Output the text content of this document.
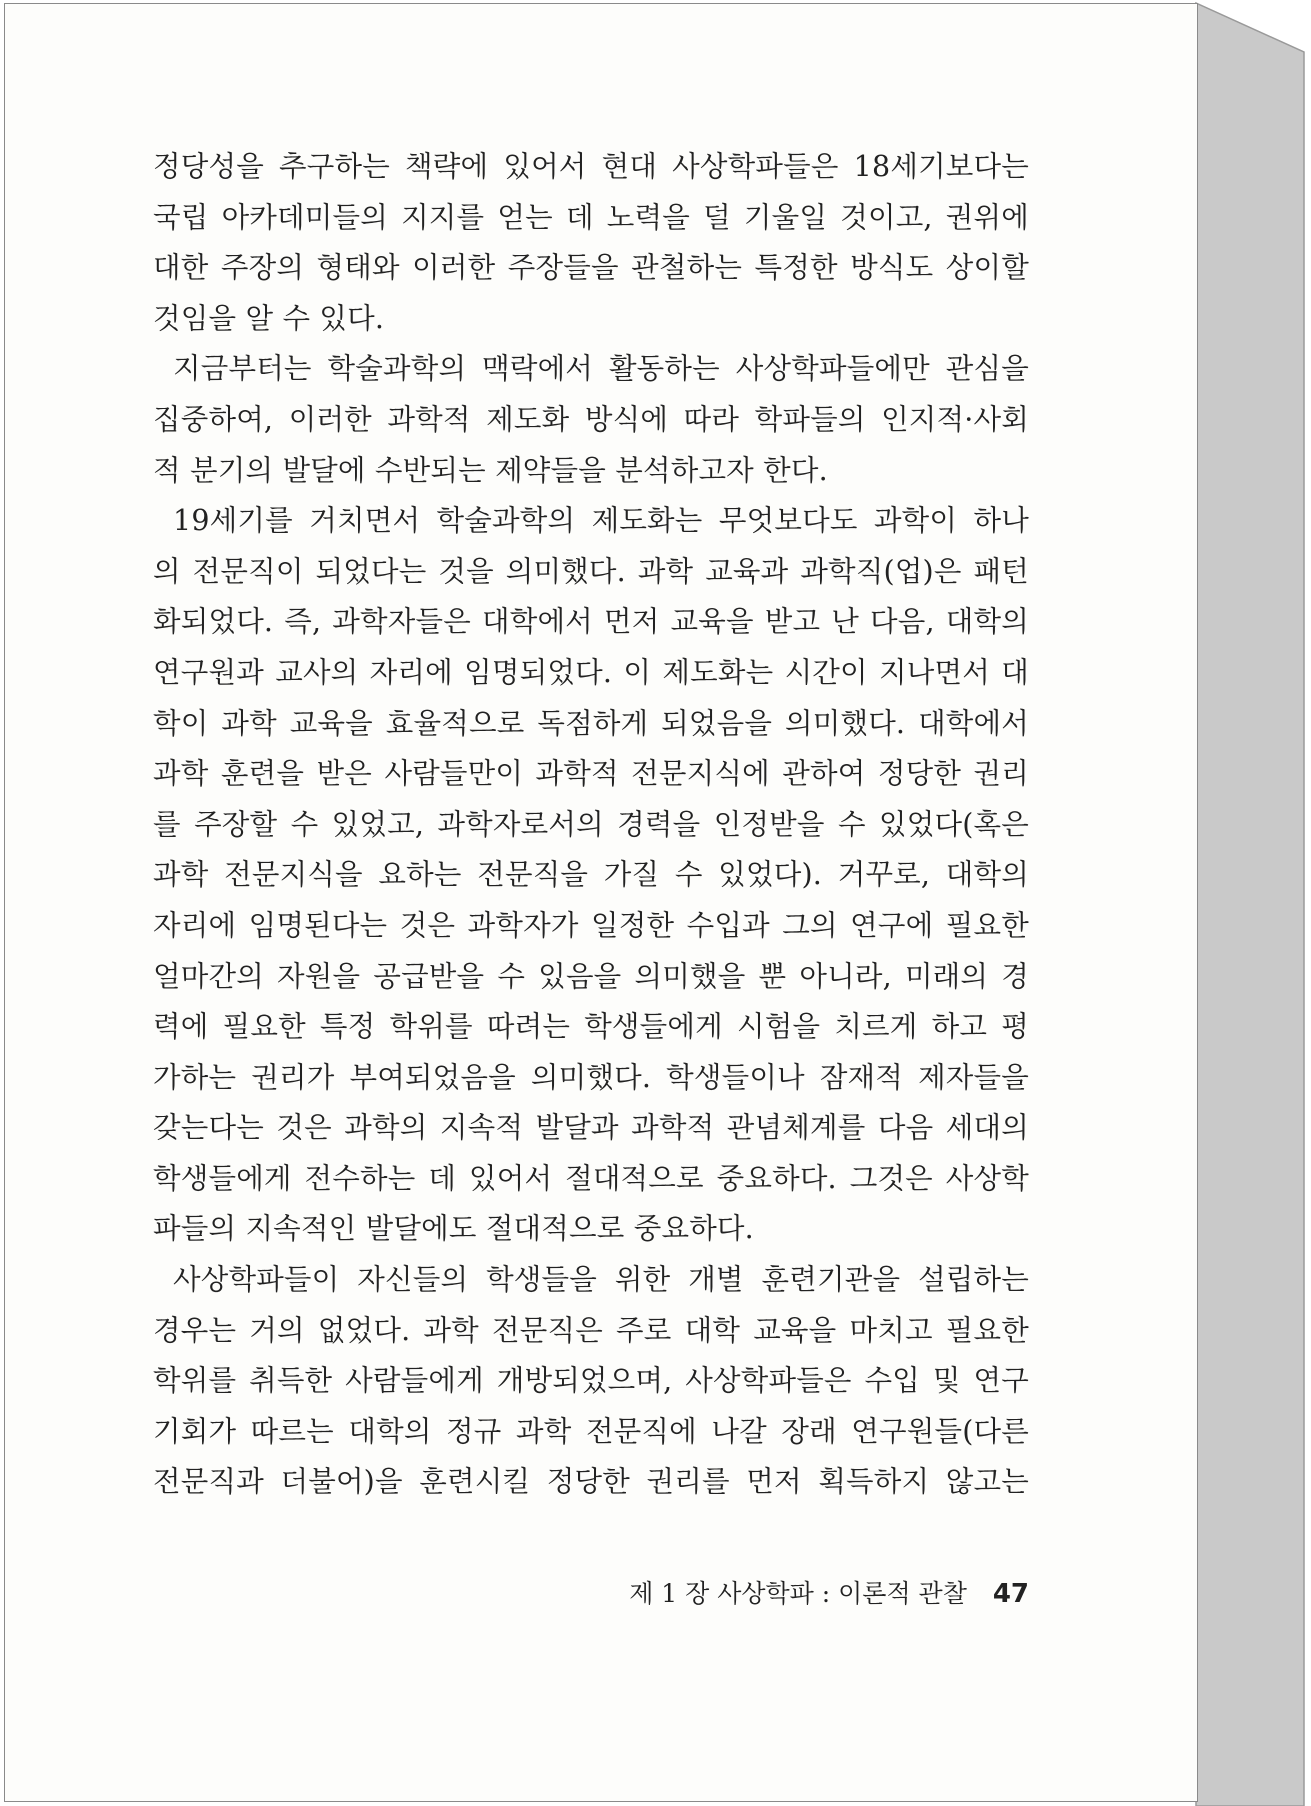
정당성을 추구하는 책략에 있어서 현대 사상학파들은 18세기보다는
국립 아카데미들의 지지를 얻는 데 노력을 덜 기울일 것이고, 권위에
대한 주장의 형태와 이러한 주장들을 관철하는 특정한 방식도 상이할
것임을 알 수 있다.
지금부터는 학술과학의 맥락에서 활동하는 사상학파들에만 관심을
집중하여, 이러한 과학적 제도화 방식에 따라 학파들의 인지적·사회
적 분기의 발달에 수반되는 제약들을 분석하고자 한다.
19세기를 거치면서 학술과학의 제도화는 무엇보다도 과학이 하나
의 전문직이 되었다는 것을 의미했다. 과학 교육과 과학직(업)은 패턴
화되었다. 즉, 과학자들은 대학에서 먼저 교육을 받고 난 다음, 대학의
연구원과 교사의 자리에 임명되었다. 이 제도화는 시간이 지나면서 대
학이 과학 교육을 효율적으로 독점하게 되었음을 의미했다. 대학에서
과학 훈련을 받은 사람들만이 과학적 전문지식에 관하여 정당한 권리
를 주장할 수 있었고, 과학자로서의 경력을 인정받을 수 있었다(혹은
과학 전문지식을 요하는 전문직을 가질 수 있었다). 거꾸로, 대학의
자리에 임명된다는 것은 과학자가 일정한 수입과 그의 연구에 필요한
얼마간의 자원을 공급받을 수 있음을 의미했을 뿐 아니라, 미래의 경
력에 필요한 특정 학위를 따려는 학생들에게 시험을 치르게 하고 평
가하는 권리가 부여되었음을 의미했다. 학생들이나 잠재적 제자들을
갖는다는 것은 과학의 지속적 발달과 과학적 관념체계를 다음 세대의
학생들에게 전수하는 데 있어서 절대적으로 중요하다. 그것은 사상학
파들의 지속적인 발달에도 절대적으로 중요하다.
사상학파들이 자신들의 학생들을 위한 개별 훈련기관을 설립하는
경우는 거의 없었다. 과학 전문직은 주로 대학 교육을 마치고 필요한
학위를 취득한 사람들에게 개방되었으며, 사상학파들은 수입 및 연구
기회가 따르는 대학의 정규 과학 전문직에 나갈 장래 연구원들(다른
전문직과 더불어)을 훈련시킬 정당한 권리를 먼저 획득하지 않고는
제 1 장 사상학파 : 이론적 관찰 47
